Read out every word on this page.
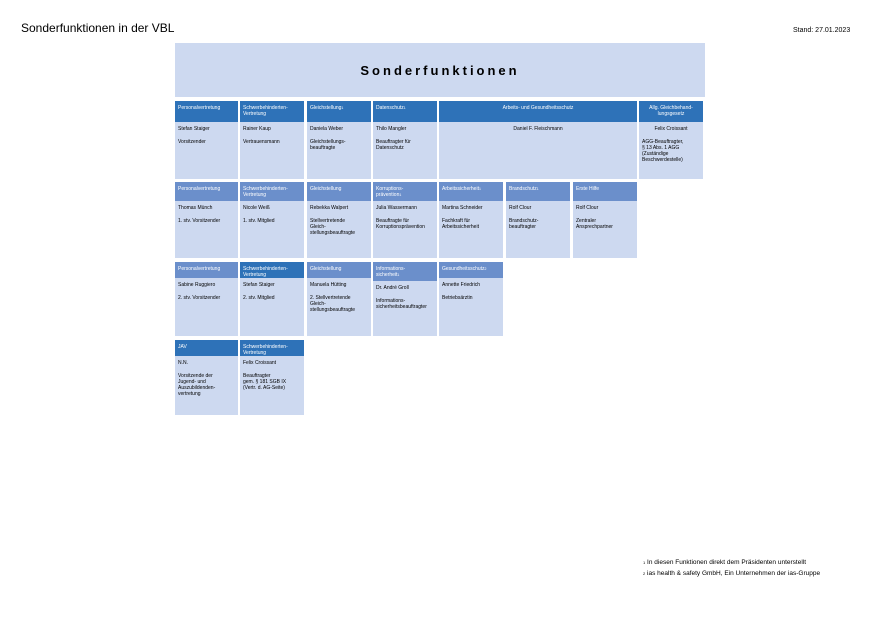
Sonderfunktionen in der VBL	Stand: 27.01.2023
Sonderfunktionen
Personalvertretung
Stefan Staiger
Vorsitzender
Schwerbehinderten-
Vertretung
Rainer Kaup
Vertrauensmann
Gleichstellung$^1$
Daniela Weber
Gleichstellungs-
beauftragte
Datenschutz$^1$
Thilo Mangler
Beauftragter für
Datenschutz
Arbeits- und Gesundheitsschutz
Daniel F. Fleischmann
Allg. Gleichbehand-
lungsgesetz
Felix Croissant
AGG-Beauftragter,
§ 13 Abs. 1 AGG
(Zuständige
Beschwerdestelle)
Personalvertretung
Thomas Münch
1. stv. Vorsitzender
Schwerbehinderten-
Vertretung
Nicole Weiß
1. stv. Mitglied
Gleichstellung
Rebekka Walpert
Stellvertretende
Gleich-
stellungsbeauftragte
Korruptions-
prävention$^1$
Julia Wassermann
Beauftragte für
Korruptionsprävention
Arbeitssicherheit$^1$
Martina Schneider
Fachkraft für
Arbeitssicherheit
Brandschutz$^1$
Rolf Clour
Brandschutz-
beauftragter
Erste Hilfe
Rolf Clour
Zentraler
Ansprechpartner
Personalvertretung
Sabine Ruggiero
2. stv. Vorsitzender
Schwerbehinderten-
Vertretung
Stefan Staiger
2. stv. Mitglied
Gleichstellung
Manuela Hütting
2. Stellvertretende
Gleich-
stellungsbeauftragte
Informations-
sicherheit$^1$
Dr. André Groll
Informations-
sicherheitsbeauftragter
Gesundheitsschutz$^2$
Annette Friedrich
Betriebsärztin
JAV
N.N.
Vorsitzende der
Jugend- und
Auszubildenden-
vertretung
Schwerbehinderten-
Vertretung
Felix Croissant
Beauftragter
gem. § 181 SGB IX
(Vertr. d. AG-Seite)
$^1$ In diesen Funktionen direkt dem Präsidenten unterstellt
$^2$ ias health & safety GmbH, Ein Unternehmen der ias-Gruppe
